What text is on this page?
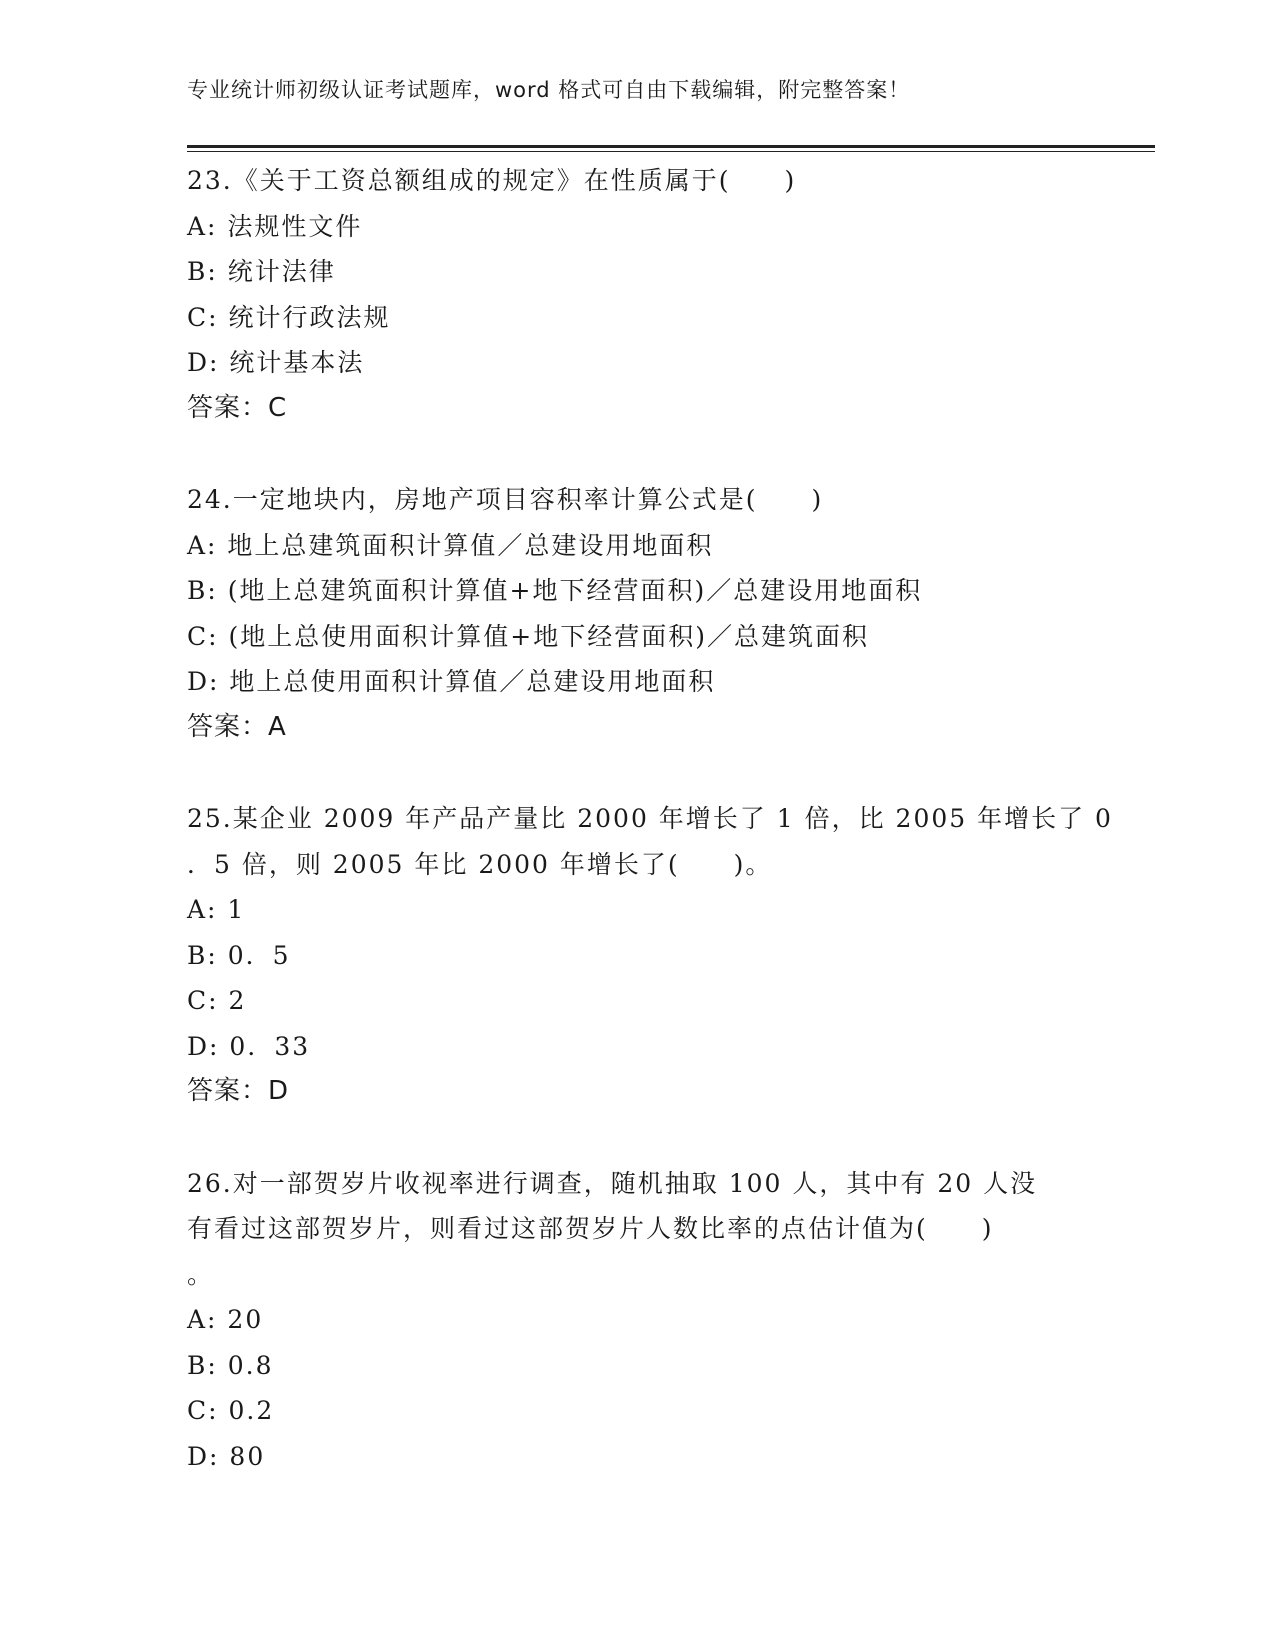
专业统计师初级认证考试题库，word 格式可自由下载编辑，附完整答案！
23.《关于工资总额组成的规定》在性质属于(　　)
A: 法规性文件
B: 统计法律
C: 统计行政法规
D: 统计基本法
答案：C
24.一定地块内，房地产项目容积率计算公式是(　　)
A: 地上总建筑面积计算值／总建设用地面积
B: (地上总建筑面积计算值+地下经营面积)／总建设用地面积
C: (地上总使用面积计算值+地下经营面积)／总建筑面积
D: 地上总使用面积计算值／总建设用地面积
答案：A
25.某企业 2009 年产品产量比 2000 年增长了 1 倍，比 2005 年增长了 0
．5 倍，则 2005 年比 2000 年增长了(　　)。
A: 1
B: 0．5
C: 2
D: 0．33
答案：D
26.对一部贺岁片收视率进行调查，随机抽取 100 人，其中有 20 人没
有看过这部贺岁片，则看过这部贺岁片人数比率的点估计值为(　　)
。
A: 20
B: 0.8
C: 0.2
D: 80
